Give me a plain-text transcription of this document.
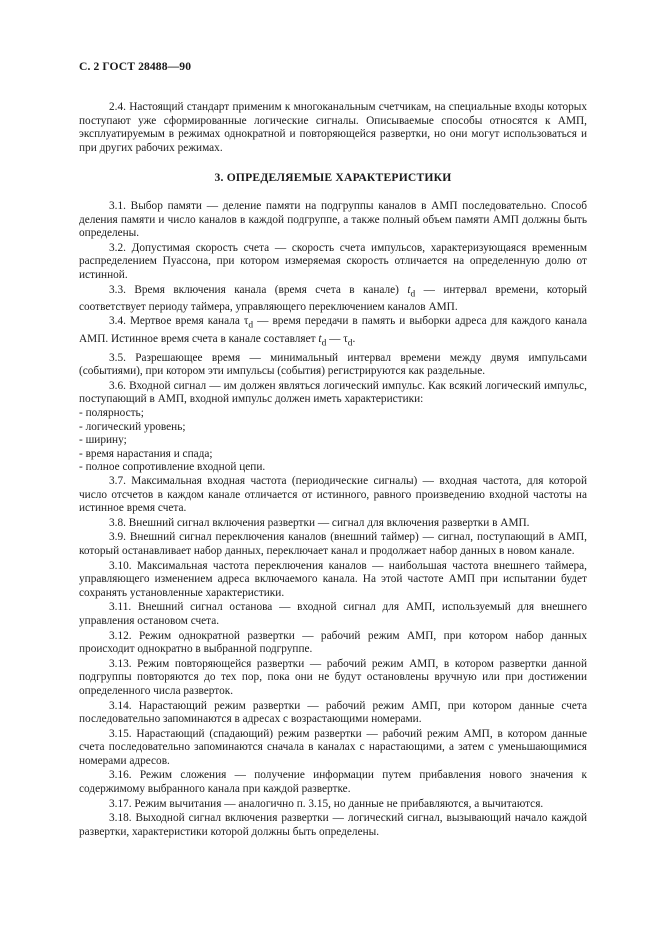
С. 2 ГОСТ 28488—90

2.4. Настоящий стандарт применим к многоканальным счетчикам, на специальные входы которых поступают уже сформированные логические сигналы. Описываемые способы относятся к АМП, эксплуатируемым в режимах однократной и повторяющейся развертки, но они могут использоваться и при других рабочих режимах.

3. ОПРЕДЕЛЯЕМЫЕ ХАРАКТЕРИСТИКИ

3.1. Выбор памяти — деление памяти на подгруппы каналов в АМП последовательно. Способ деления памяти и число каналов в каждой подгруппе, а также полный объем памяти АМП должны быть определены.

3.2. Допустимая скорость счета — скорость счета импульсов, характеризующаяся временным распределением Пуассона, при котором измеряемая скорость отличается на определенную долю от истинной.

3.3. Время включения канала (время счета в канале) $t_d$ — интервал времени, который соответствует периоду таймера, управляющего переключением каналов АМП.

3.4. Мертвое время канала $\tau_d$ — время передачи в память и выборки адреса для каждого канала АМП. Истинное время счета в канале составляет $t_d$ — $\tau_d$.

3.5. Разрешающее время — минимальный интервал времени между двумя импульсами (событиями), при котором эти импульсы (события) регистрируются как раздельные.

3.6. Входной сигнал — им должен являться логический импульс. Как всякий логический импульс, поступающий в АМП, входной импульс должен иметь характеристики:

- полярность;

- логический уровень;

- ширину;

- время нарастания и спада;

- полное сопротивление входной цепи.

3.7. Максимальная входная частота (периодические сигналы) — входная частота, для которой число отсчетов в каждом канале отличается от истинного, равного произведению входной частоты на истинное время счета.

3.8. Внешний сигнал включения развертки — сигнал для включения развертки в АМП.

3.9. Внешний сигнал переключения каналов (внешний таймер) — сигнал, поступающий в АМП, который останавливает набор данных, переключает канал и продолжает набор данных в новом канале.

3.10. Максимальная частота переключения каналов — наибольшая частота внешнего таймера, управляющего изменением адреса включаемого канала. На этой частоте АМП при испытании будет сохранять установленные характеристики.

3.11. Внешний сигнал останова — входной сигнал для АМП, используемый для внешнего управления остановом счета.

3.12. Режим однократной развертки — рабочий режим АМП, при котором набор данных происходит однократно в выбранной подгруппе.

3.13. Режим повторяющейся развертки — рабочий режим АМП, в котором развертки данной подгруппы повторяются до тех пор, пока они не будут остановлены вручную или при достижении определенного числа разверток.

3.14. Нарастающий режим развертки — рабочий режим АМП, при котором данные счета последовательно запоминаются в адресах с возрастающими номерами.

3.15. Нарастающий (спадающий) режим развертки — рабочий режим АМП, в котором данные счета последовательно запоминаются сначала в каналах с нарастающими, а затем с уменьшающимися номерами адресов.

3.16. Режим сложения — получение информации путем прибавления нового значения к содержимому выбранного канала при каждой развертке.

3.17. Режим вычитания — аналогично п. 3.15, но данные не прибавляются, а вычитаются.

3.18. Выходной сигнал включения развертки — логический сигнал, вызывающий начало каждой развертки, характеристики которой должны быть определены.
